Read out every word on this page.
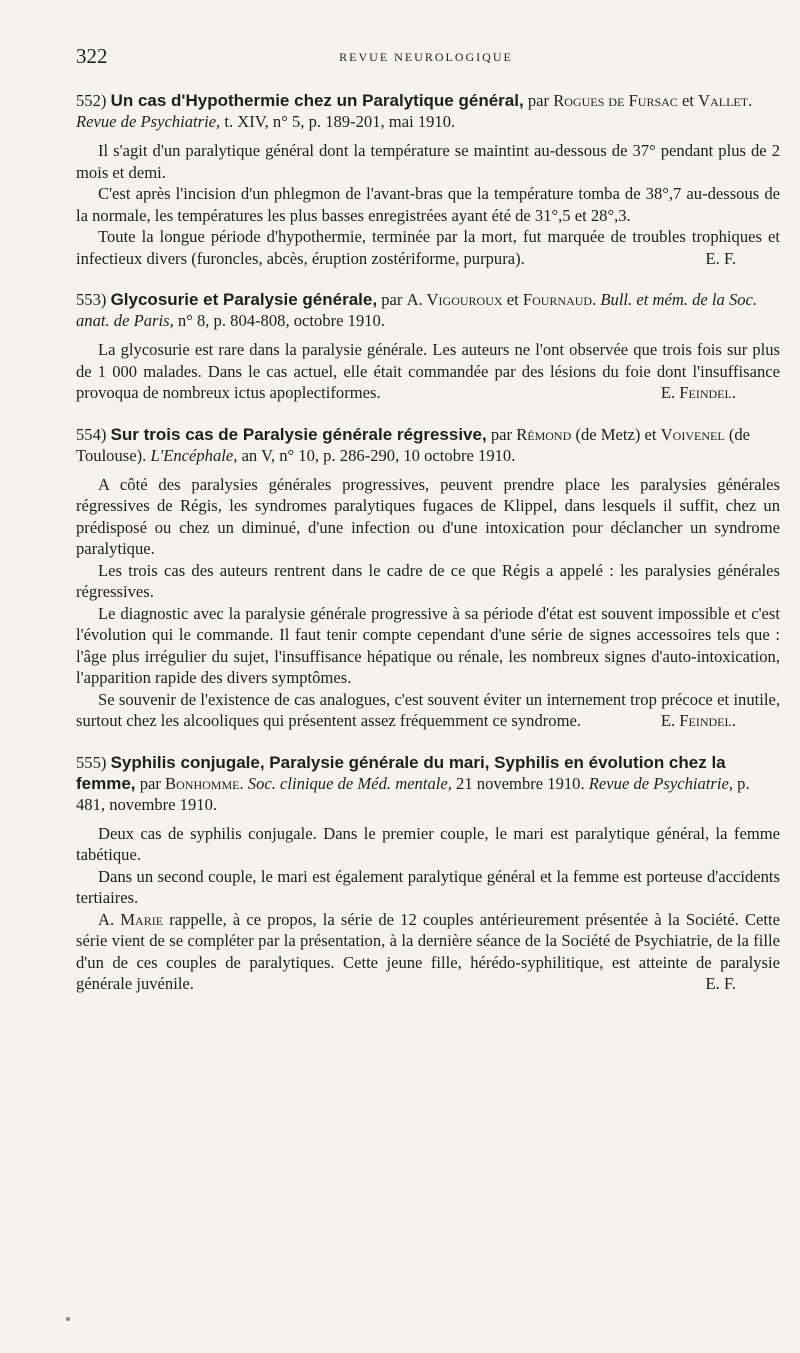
322	REVUE NEUROLOGIQUE

552) Un cas d'Hypothermie chez un Paralytique général, par Rogues de Fursac et Vallet. Revue de Psychiatrie, t. XIV, n° 5, p. 189-201, mai 1910.

Il s'agit d'un paralytique général dont la température se maintint au-dessous de 37° pendant plus de 2 mois et demi.

C'est après l'incision d'un phlegmon de l'avant-bras que la température tomba de 38°,7 au-dessous de la normale, les températures les plus basses enregistrées ayant été de 31°,5 et 28°,3.

Toute la longue période d'hypothermie, terminée par la mort, fut marquée de troubles trophiques et infectieux divers (furoncles, abcès, éruption zostériforme, purpura).	E. F.

553) Glycosurie et Paralysie générale, par A. Vigouroux et Fournaud. Bull. et mém. de la Soc. anat. de Paris, n° 8, p. 804-808, octobre 1910.

La glycosurie est rare dans la paralysie générale. Les auteurs ne l'ont observée que trois fois sur plus de 1 000 malades. Dans le cas actuel, elle était commandée par des lésions du foie dont l'insuffisance provoqua de nombreux ictus apoplectiformes.	E. Feindel.

554) Sur trois cas de Paralysie générale régressive, par Rémond (de Metz) et Voivenel (de Toulouse). L'Encéphale, an V, n° 10, p. 286-290, 10 octobre 1910.

A côté des paralysies générales progressives, peuvent prendre place les paralysies générales régressives de Régis, les syndromes paralytiques fugaces de Klippel, dans lesquels il suffit, chez un prédisposé ou chez un diminué, d'une infection ou d'une intoxication pour déclancher un syndrome paralytique.

Les trois cas des auteurs rentrent dans le cadre de ce que Régis a appelé : les paralysies générales régressives.

Le diagnostic avec la paralysie générale progressive à sa période d'état est souvent impossible et c'est l'évolution qui le commande. Il faut tenir compte cependant d'une série de signes accessoires tels que : l'âge plus irrégulier du sujet, l'insuffisance hépatique ou rénale, les nombreux signes d'auto-intoxication, l'apparition rapide des divers symptômes.

Se souvenir de l'existence de cas analogues, c'est souvent éviter un internement trop précoce et inutile, surtout chez les alcooliques qui présentent assez fréquemment ce syndrome.	E. Feindel.

555) Syphilis conjugale, Paralysie générale du mari, Syphilis en évolution chez la femme, par Bonhomme. Soc. clinique de Méd. mentale, 21 novembre 1910. Revue de Psychiatrie, p. 481, novembre 1910.

Deux cas de syphilis conjugale. Dans le premier couple, le mari est paralytique général, la femme tabétique.

Dans un second couple, le mari est également paralytique général et la femme est porteuse d'accidents tertiaires.

A. Marie rappelle, à ce propos, la série de 12 couples antérieurement présentée à la Société. Cette série vient de se compléter par la présentation, à la dernière séance de la Société de Psychiatrie, de la fille d'un de ces couples de paralytiques. Cette jeune fille, hérédo-syphilitique, est atteinte de paralysie générale juvénile.	E. F.
